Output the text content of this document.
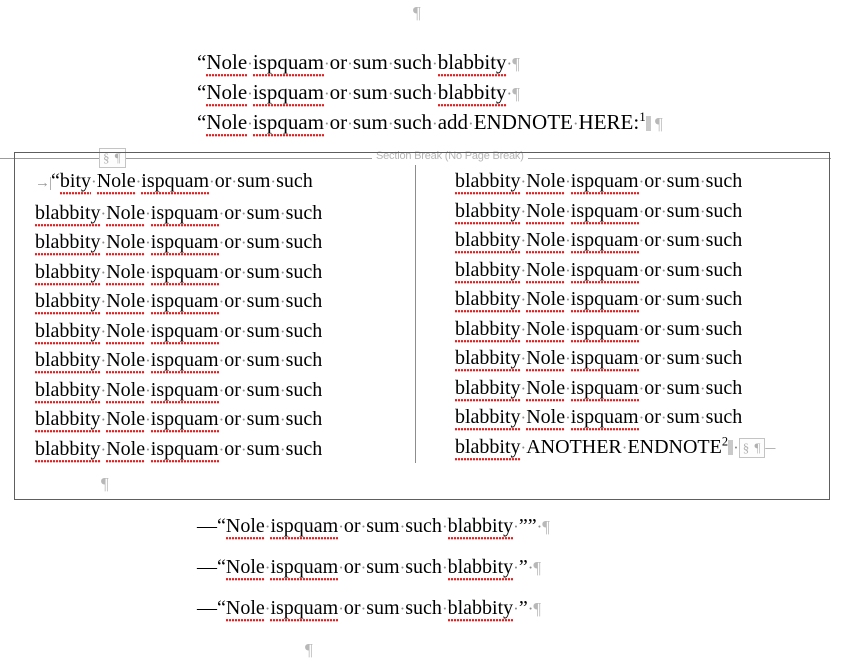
¶
“Nole·ispquam·or·sum·such·blabbity·¶
“Nole·ispquam·or·sum·such·blabbity·¶
“Nole·ispquam·or·sum·such·add·ENDNOTE·HERE:$^1$ ¶
Section Break (No Page Break)
§ ¶
→|“bity·Nole·ispquam·or·sum·such
blabbity·Nole·ispquam·or·sum·such
blabbity·Nole·ispquam·or·sum·such
blabbity·Nole·ispquam·or·sum·such
blabbity·Nole·ispquam·or·sum·such
blabbity·Nole·ispquam·or·sum·such
blabbity·Nole·ispquam·or·sum·such
blabbity·Nole·ispquam·or·sum·such
blabbity·Nole·ispquam·or·sum·such
blabbity·Nole·ispquam·or·sum·such
blabbity·Nole·ispquam·or·sum·such
blabbity·Nole·ispquam·or·sum·such
blabbity·Nole·ispquam·or·sum·such
blabbity·Nole·ispquam·or·sum·such
blabbity·Nole·ispquam·or·sum·such
blabbity·Nole·ispquam·or·sum·such
blabbity·Nole·ispquam·or·sum·such
blabbity·Nole·ispquam·or·sum·such
blabbity·Nole·ispquam·or·sum·such
$blabbity\cdot ANOTHER\cdot ENDNOTE^2$ · § ¶ –
¶
—“Nole·ispquam·or·sum·such·blabbity·””·¶
—“Nole·ispquam·or·sum·such·blabbity·”·¶
—“Nole·ispquam·or·sum·such·blabbity·”·¶
¶
